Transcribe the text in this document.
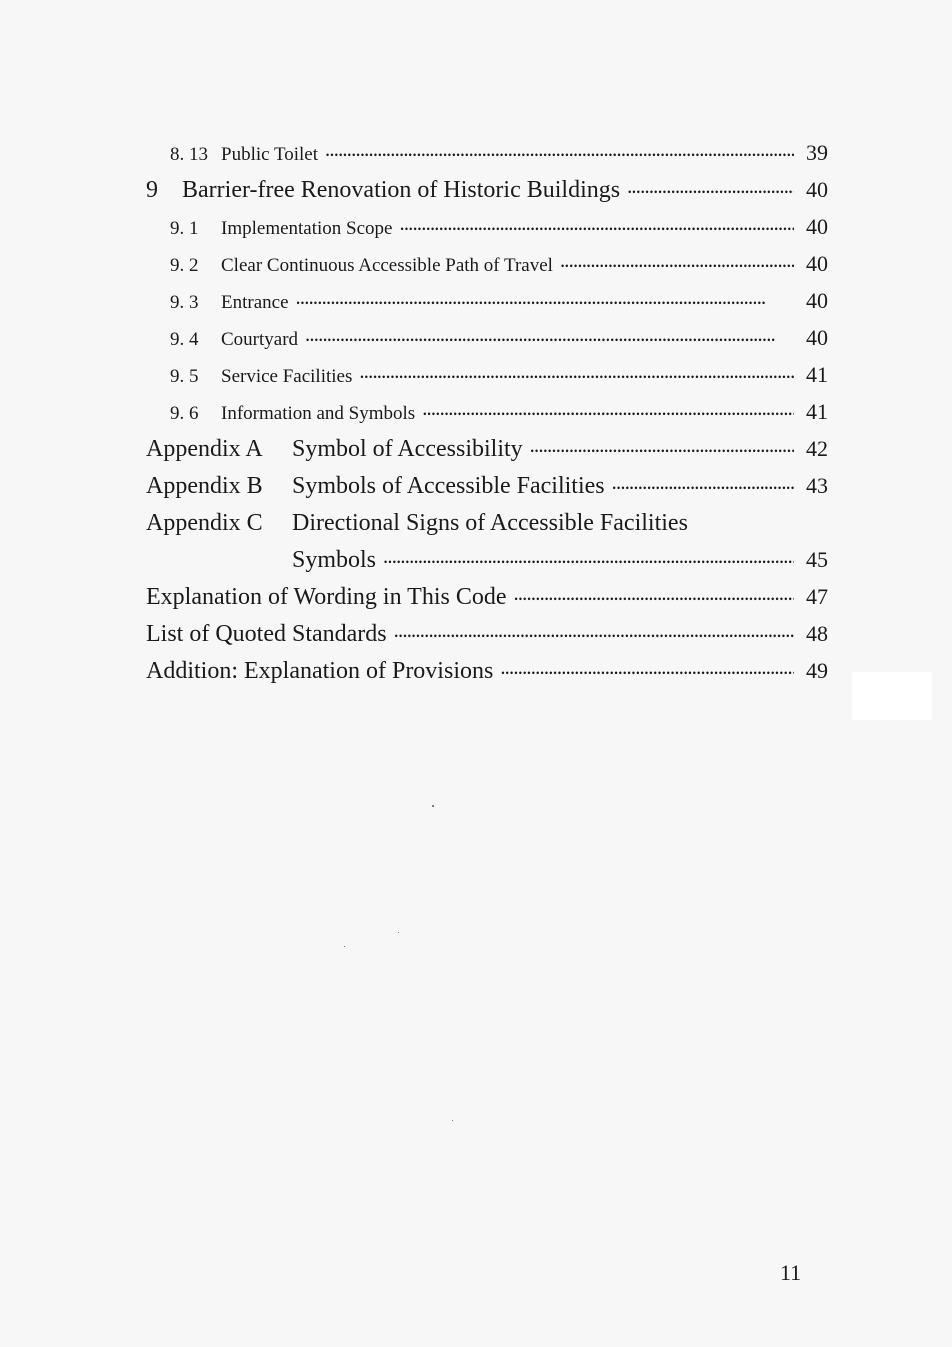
8. 13 Public Toilet •••••	39
9	Barrier-free Renovation of Historic Buildings •••••	40
9. 1	Implementation Scope •••••	40
9. 2	Clear Continuous Accessible Path of Travel •••••	40
9. 3	Entrance •••••	40
9. 4	Courtyard •••••	40
9. 5	Service Facilities •••••	41
9. 6	Information and Symbols •••••	41
Appendix A	Symbol of Accessibility •••••	42
Appendix B	Symbols of Accessible Facilities •••••	43
Appendix C	Directional Signs of Accessible Facilities
Symbols •••••	45
Explanation of Wording in This Code •••••	47
List of Quoted Standards •••••	48
Addition: Explanation of Provisions •••••	49
11
